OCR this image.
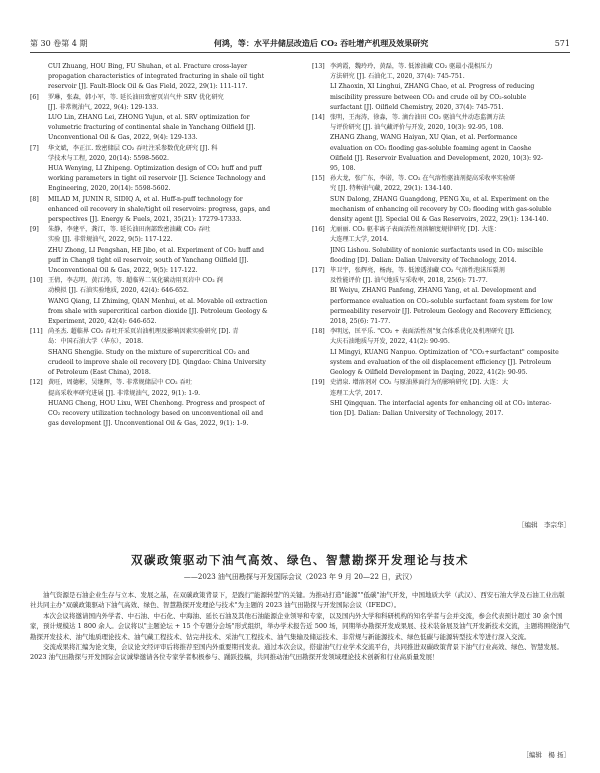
第 30 卷第 4 期	何鸿，等：水平井储层改造后 CO₂ 吞吐增产机理及效果研究	571
CUI Zhuang, HOU Bing, FU Shuhan, et al. Fracture cross-layer
propagation characteristics of integrated fracturing in shale oil tight
reservoir [J]. Fault-Block Oil & Gas Field, 2022, 29(1): 111-117.
[6]	罗琳，张森，韩小军，等. 延长油田致密页岩气井 SRV 优化研究
[J]. 非常规油气, 2022, 9(4): 129-133.
LUO Lin, ZHANG Lei, ZHONG Yujun, et al. SRV optimization for
volumetric fracturing of continental shale in Yanchang Oilfield [J].
Unconventional Oil & Gas, 2022, 9(4): 129-133.
[7]	华文斌，李正江. 致密储层 CO₂ 吞吐注采参数优化研究 [J]. 科
学技术与工程, 2020, 20(14): 5598-5602.
HUA Wenying, LI Zhipeng. Optimization design of CO₂ huff and puff
working parameters in tight oil reservoir [J]. Science Technology and
Engineering, 2020, 20(14): 5598-5602.
[8]	MILAD M, JUNIN R, SIDIQ A, et al. Huff-n-puff technology for
enhanced oil recovery in shale/tight oil reservoirs: progress, gaps, and
perspectives [J]. Energy & Fuels, 2021, 35(21): 17279-17333.
[9]	朱静，李建平，龚江，等. 延长油田南部致密油藏 CO₂ 吞吐
实验 [J]. 非常规油气, 2022, 9(5): 117-122.
ZHU Zhong, LI Pengshan, HE Jibo, et al. Experiment of CO₂ huff and
puff in Chang8 tight oil reservoir, south of Yanchang Oilfield [J].
Unconventional Oil & Gas, 2022, 9(5): 117-122.
[10] 王倩，李志明，黄江涛，等. 超临界二氧化碳动用页岩中 CO₂ 润
动模拟 [J]. 石油实验地质, 2020, 42(4): 646-652.
WANG Qiang, LI Zhiming, QIAN Menhui, et al. Movable oil extraction
from shale with supercritical carbon dioxide [J]. Petroleum Geology &
Experiment, 2020, 42(4): 646-652.
[11] 尚圣杰. 超临界 CO₂ 吞吐开采页岩油机理及影响因素实验研究 [D]. 青
岛：中国石油大学（华东），2018.
SHANG Shengjie. Study on the mixture of supercritical CO₂ and
crudeoil to improve shale oil recovery [D]. Qingdao: China University
of Petroleum (East China), 2018.
[12] 黄旺，周德彬，吴继辉，等. 非常规储层中 CO₂ 吞吐
提高采收率研究进展 [J]. 非常规油气, 2022, 9(1): 1-9.
HUANG Cheng, HOU Lixu, WEI Chenhong. Progress and prospect of
CO₂ recovery utilization technology based on unconventional oil and
gas development [J]. Unconventional Oil & Gas, 2022, 9(1): 1-9.
[13] 李鸿霞，魏玲玲，黄磊，等. 低渗油藏 CO₂ 驱最小混相压力
方法研究 [J]. 石油化工, 2020, 37(4): 745-751.
LI Zhaoxin, XI Linghui, ZHANG Chao, et al. Progress of reducing
miscibility pressure between CO₂ and crude oil by CO₂-soluble
surfactant [J]. Oilfield Chemistry, 2020, 37(4): 745-751.
[14] 张明，王海涛，徐淼，等. 滴台油田 CO₂ 驱油气井动态监测方法
与评价研究 [J]. 油气藏评价与开发, 2020, 10(3): 92-95, 108.
ZHANG Zhang, WANG Haiyan, XU Qian, et al. Performance
evaluation on CO₂ flooding gas-soluble foaming agent in Caoshe
Oilfield [J]. Reservoir Evaluation and Development, 2020, 10(3): 92-
95, 108.
[15] 孙大龙，张广东，李诺，等. CO₂ 在气溶性驱油剂提高采收率实验研
究 [J]. 特种油气藏, 2022, 29(1): 134-140.
SUN Dalong, ZHANG Guangdong, PENG Xu, et al. Experiment on the
mechanism of enhancing oil recovery by CO₂ flooding with gas-soluble
density agent [J]. Special Oil & Gas Reservoirs, 2022, 29(1): 134-140.
[16] 尤丽丽. CO₂ 驱非离子表面活性剂溶解度规律研究 [D]. 大连：
大连理工大学, 2014.
JING Lishou. Solubility of nonionic surfactants used in CO₂ miscible
flooding [D]. Dalian: Dalian University of Technology, 2014.
[17] 毕卫宇，张辉亮，杨海，等. 低渗透油藏 CO₂ 气溶性泡沫压裂剂
及性能评价 [J]. 油气地质与采收率, 2018, 25(6): 71-77.
BI Weiyu, ZHANG Panfeng, ZHANG Yang, et al. Development and
performance evaluation on CO₂-soluble surfactant foam system for low
permeability reservoir [J]. Petroleum Geology and Recovery Efficiency,
2018, 25(6): 71-77.
[18] 李明远，匡平乐. "CO₂ + 表面活性剂"复合体系优化及机理研究 [J].
大庆石油地质与开发, 2022, 41(2): 90-95.
LI Mingyi, KUANG Nanpuo. Optimization of "CO₂+surfactant" composite
system and evaluation of the oil displacement efficiency [J]. Petroleum
Geology & Oilfield Development in Daqing, 2022, 41(2): 90-95.
[19] 史清泉. 增溶剂对 CO₂ 与原油界面行为的影响研究 [D]. 大连：大
连理工大学, 2017.
SHI Qingquan. The interfacial agents for enhancing oil at CO₂ interac-
tion [D]. Dalian: Dalian University of Technology, 2017.
［编辑　李宗华］
双碳政策驱动下油气高效、绿色、智慧勘探开发理论与技术
——2023 油气田勘探与开发国际会议（2023 年 9 月 20—22 日，武汉）

油气资源是石油企业生存与立本、发展之基，在双碳政策背景下，是践行"能源转型"的关键。为推动打造"能源""低碳"油气开发，中国地质大学（武汉）、西安石油大学及石油工业出版社共同主办"双碳政策驱动下油气高效、绿色、智慧勘探开发理论与技术"为主题的 2023 油气田勘探与开发国际会议（IFEDC）。

本次会议将邀请国内外学者、中石油、中石化、中海油、延长石油及其他石油能源企业领导和专家，以及国内外大学和科研机构的知名学者与会并交流，参会代表预计超过 30 余个国家，预计规模达 1 800 余人。会议将以"主题论坛 + 15 个专题分会场"形式组织，举办学术报告近 500 场，同期举办勘探开发成果展、技术装备展及油气开发新技术交流，主题将围绕油气勘探开发技术、油气地质理论技术、油气藏工程技术、钻完井技术、采油气工程技术、油气集输及储运技术、非常规与新能源技术、绿色低碳与能源转型技术等进行深入交流。

交流成果将汇编为论文集，会议论文经评审后将推荐至国内外重要期刊发表。通过本次会议，搭建油气行业学术交流平台，共同推进双碳政策背景下油气行业高效、绿色、智慧发展。2023 油气田勘探与开发国际会议诚挚邀请各位专家学者积极参与、踊跃投稿，共同推动油气田勘探开发领域理论技术创新和行业高质量发展！

［编辑　楊 扬］
